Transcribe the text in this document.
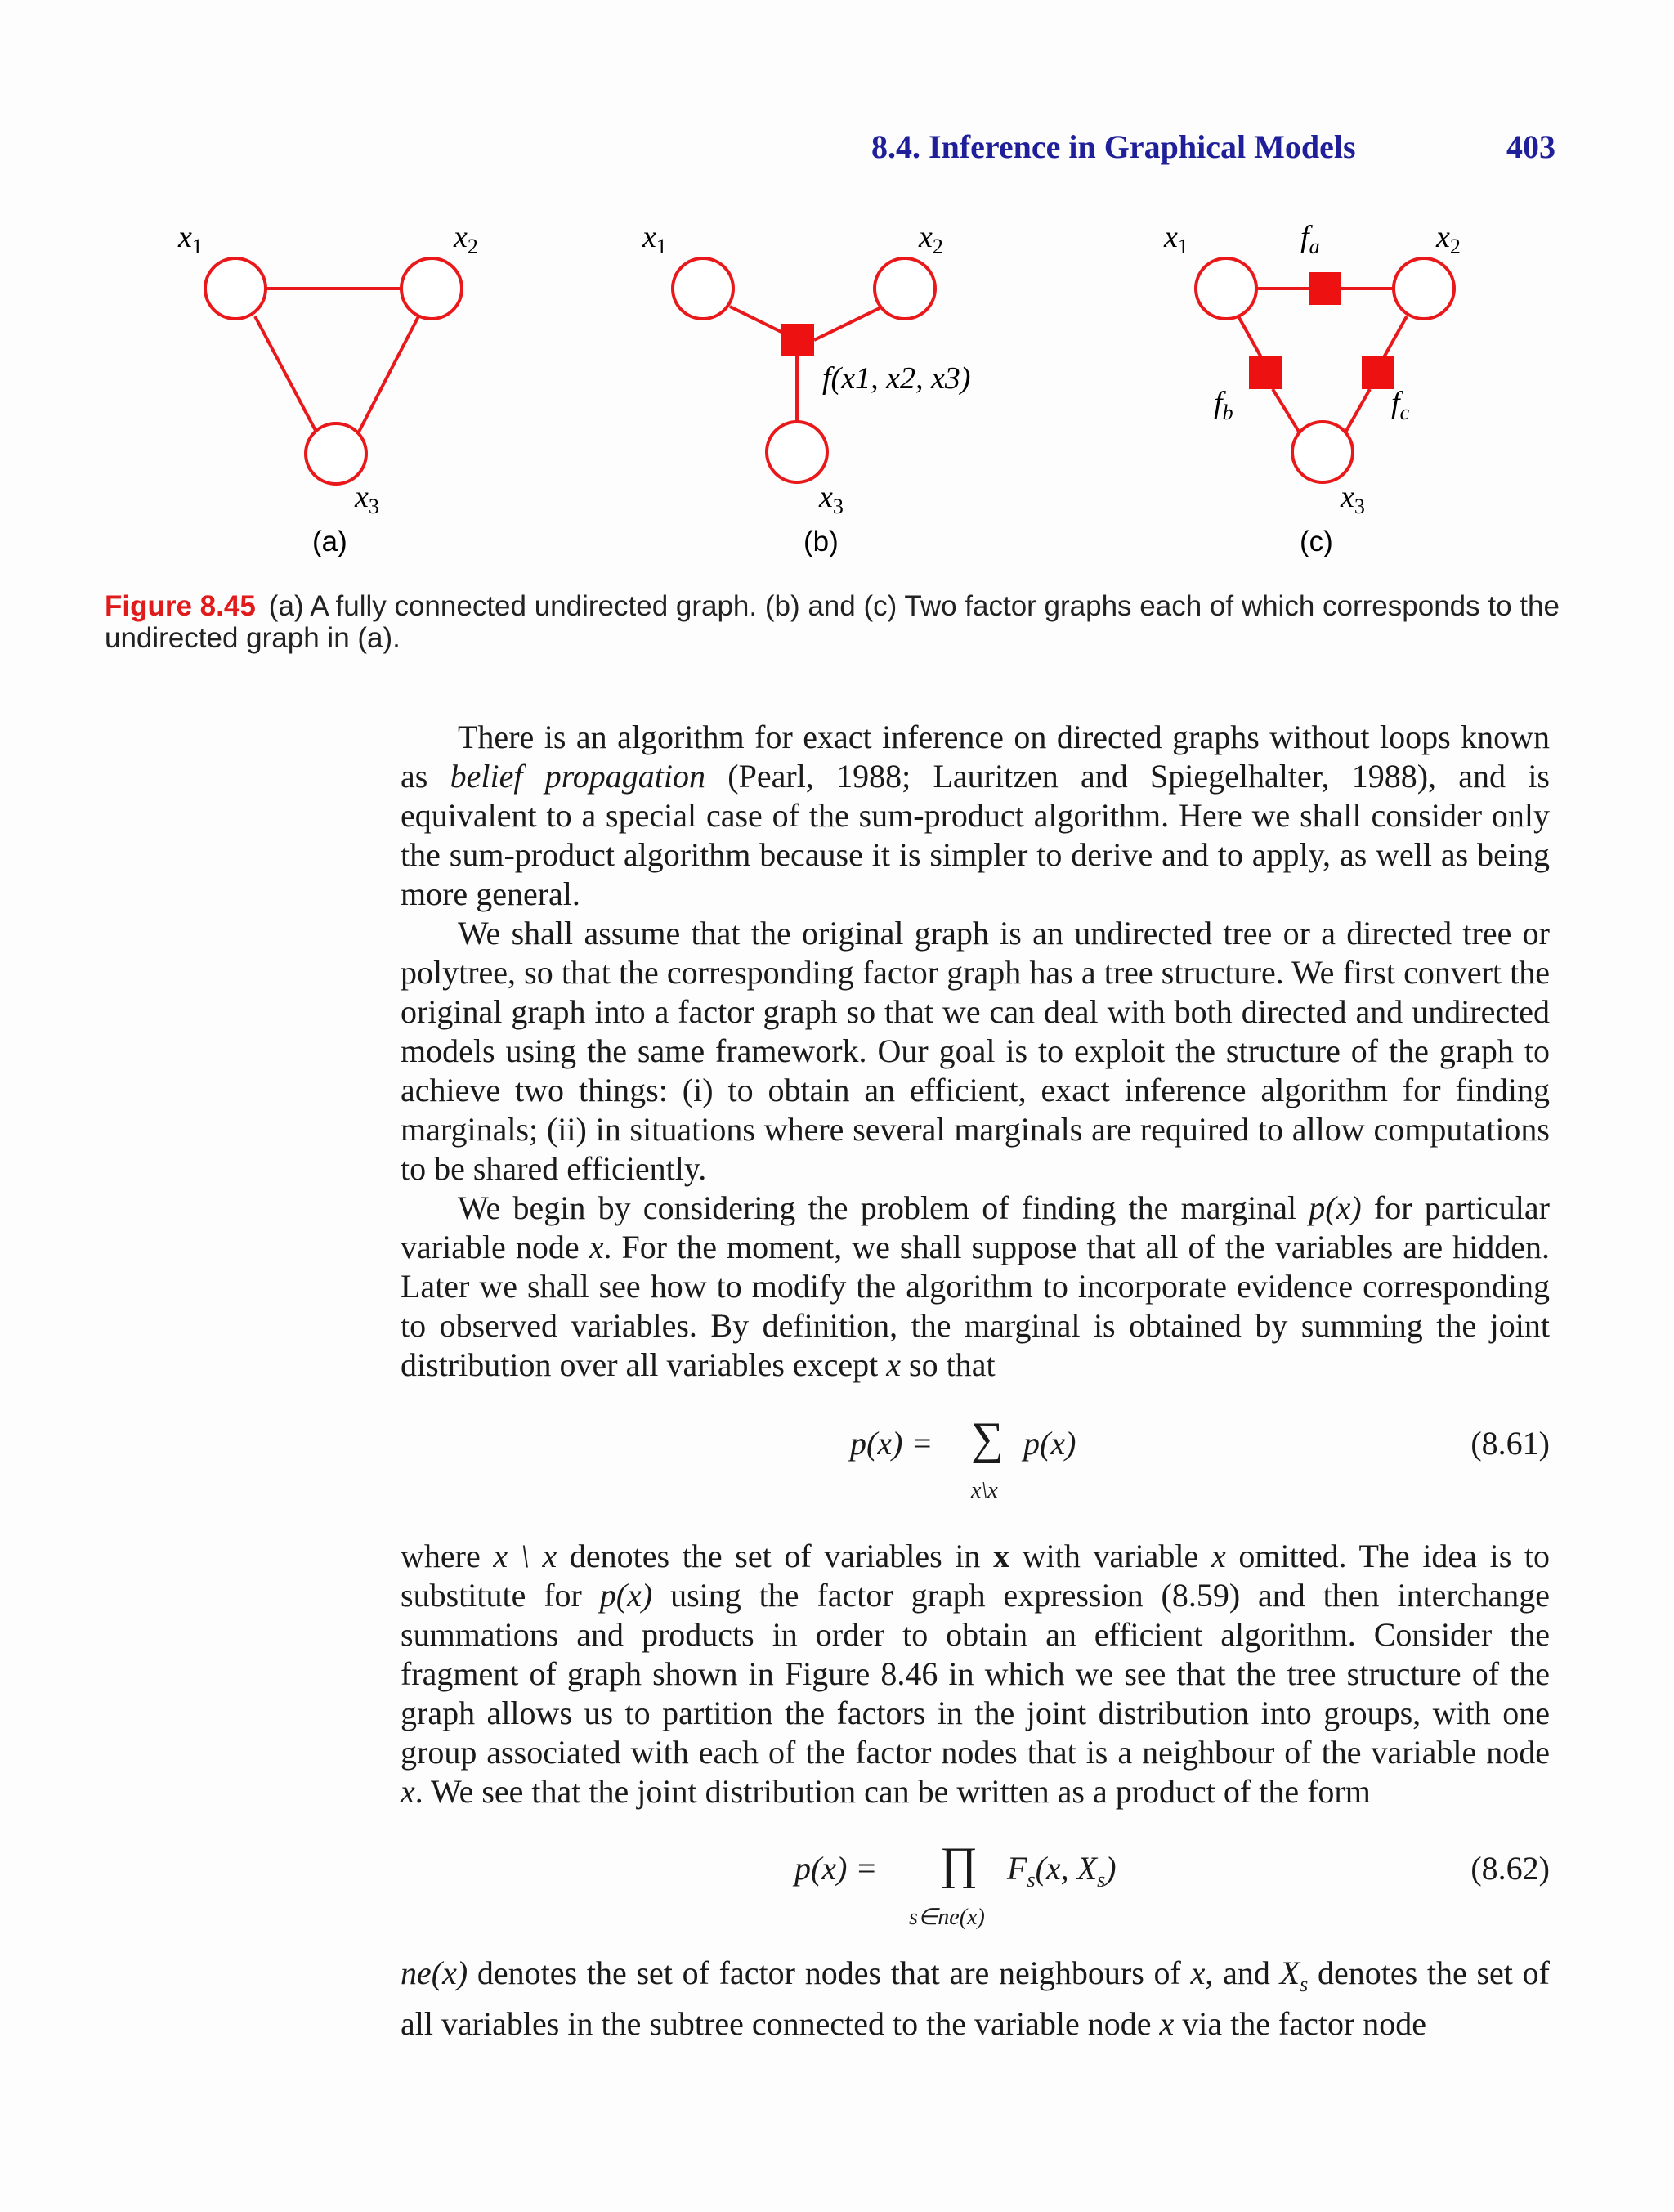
8.4. Inference in Graphical Models	403
$x_1$	$x_2$
$x_3$
(a)
$x_1$	$x_2$
f(x1, x2, x3)
$x_3$
(b)
$x_1$	$f_a$	$x_2$
$f_b$	$f_c$
$x_3$
(c)
Figure 8.45 (a) A fully connected undirected graph. (b) and (c) Two factor graphs each of which corresponds to the undirected graph in (a).

There is an algorithm for exact inference on directed graphs without loops known as belief propagation (Pearl, 1988; Lauritzen and Spiegelhalter, 1988), and is equivalent to a special case of the sum-product algorithm. Here we shall consider only the sum-product algorithm because it is simpler to derive and to apply, as well as being more general.

We shall assume that the original graph is an undirected tree or a directed tree or polytree, so that the corresponding factor graph has a tree structure. We first convert the original graph into a factor graph so that we can deal with both directed and undirected models using the same framework. Our goal is to exploit the structure of the graph to achieve two things: (i) to obtain an efficient, exact inference algorithm for finding marginals; (ii) in situations where several marginals are required to allow computations to be shared efficiently.

We begin by considering the problem of finding the marginal p(x) for particular variable node x. For the moment, we shall suppose that all of the variables are hidden. Later we shall see how to modify the algorithm to incorporate evidence corresponding to observed variables. By definition, the marginal is obtained by summing the joint distribution over all variables except x so that

p(x) = ∑ p(x)
x\x
(8.61)

where x \ x denotes the set of variables in x with variable x omitted. The idea is to substitute for p(x) using the factor graph expression (8.59) and then interchange summations and products in order to obtain an efficient algorithm. Consider the fragment of graph shown in Figure 8.46 in which we see that the tree structure of the graph allows us to partition the factors in the joint distribution into groups, with one group associated with each of the factor nodes that is a neighbour of the variable node x. We see that the joint distribution can be written as a product of the form

p(x) = ∏ $F_s(x$, $X_s$)
s∈ne(x)
(8.62)

ne(x) denotes the set of factor nodes that are neighbours of x, and $X_s$ denotes the set of all variables in the subtree connected to the variable node x via the factor node
